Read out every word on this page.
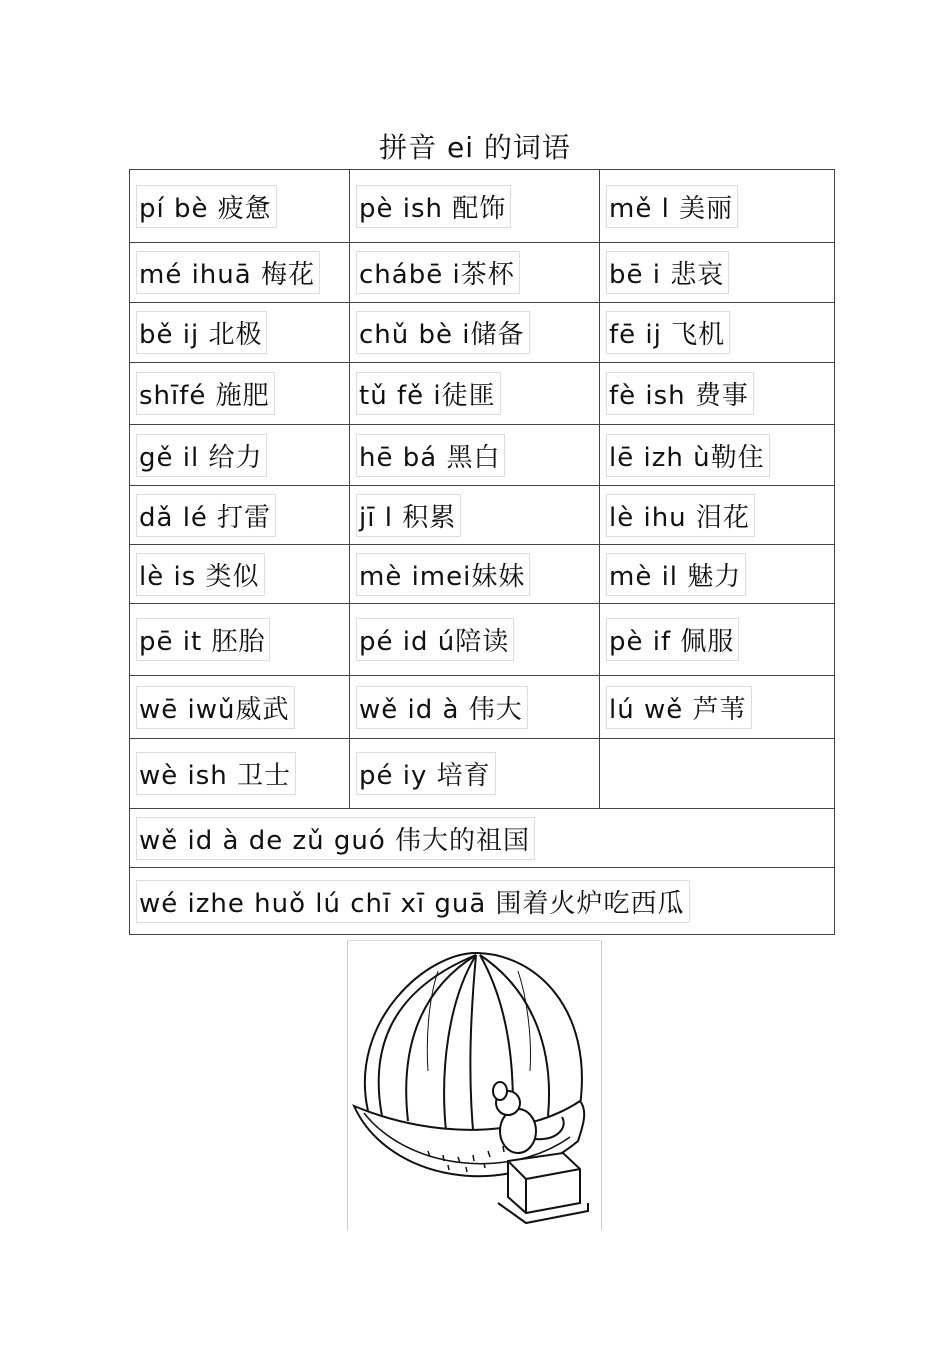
拼音 ei 的词语
pí bè 疲惫	pè ish 配饰	mě l 美丽
mé ihuā 梅花	chábē i茶杯	bē i 悲哀
bě ij 北极	chǔ bè i储备	fē ij 飞机
shīfé 施肥	tǔ fě i徒匪	fè ish 费事
gě il 给力	hē bá 黑白	lē izh ù勒住
dǎ lé 打雷	jī l 积累	lè ihu 泪花
lè is 类似	mè imei妹妹	mè il 魅力
pē it 胚胎	pé id ú陪读	pè if 佩服
wē iwǔ威武	wě id à 伟大	lú wě 芦苇
wè ish 卫士	pé iy 培育	
wě id à de zǔ guó 伟大的祖国		
wé izhe huǒ lú chī xī guā 围着火炉吃西瓜		
